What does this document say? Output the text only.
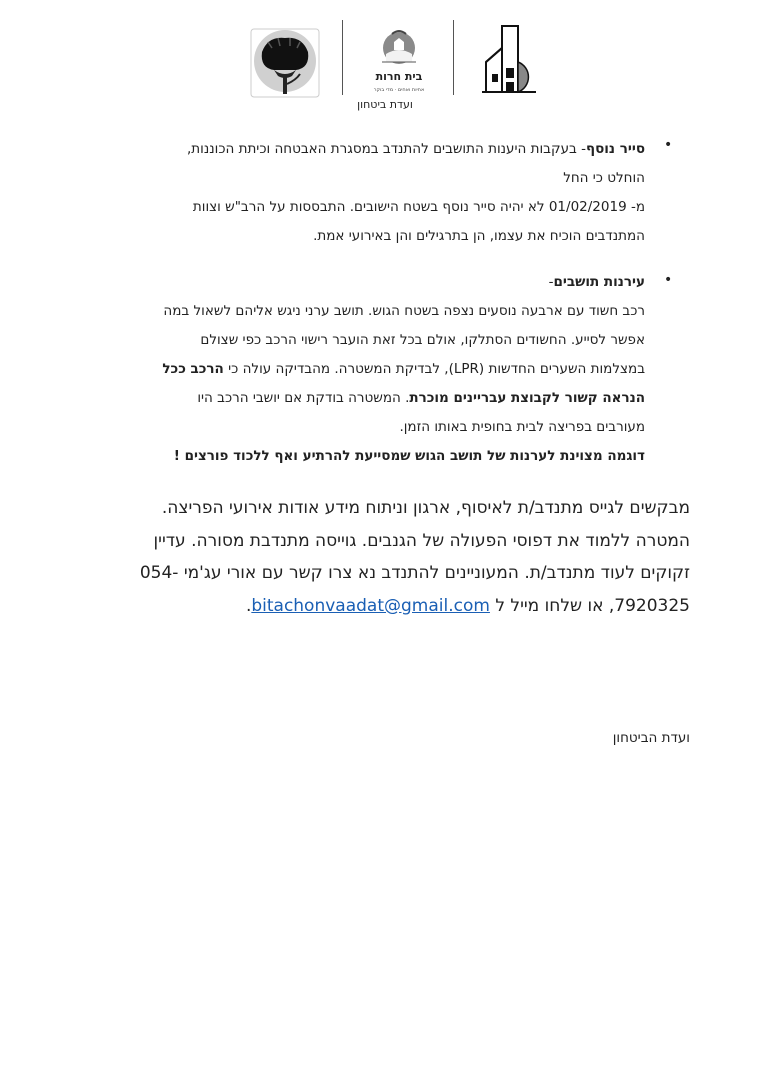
בית חרות
אחיות ואחים · מדי בוקר
ועדת ביטחון
•

סייר נוסף- בעקבות היענות התושבים להתנדב במסגרת האבטחה וכיתת הכוננות,

הוחלט כי החל

מ- 01/02/2019 לא יהיה סייר נוסף בשטח הישובים. התבססות על הרב"ש וצוות

המתנדבים הוכיח את עצמו, הן בתרגילים והן באירועי אמת.

•

עירנות תושבים-

רכב חשוד עם ארבעה נוסעים נצפה בשטח הגוש. תושב ערני ניגש אליהם לשאול במה

אפשר לסייע. החשודים הסתלקו, אולם בכל זאת הועבר רישוי הרכב כפי שצולם

במצלמות השערים החדשות (LPR), לבדיקת המשטרה. מהבדיקה עולה כי הרכב ככל

הנראה קשור לקבוצת עבריינים מוכרת. המשטרה בודקת אם יושבי הרכב היו

מעורבים בפריצה לבית בחופית באותו הזמן.

דוגמה מצוינת לערנות של תושב הגוש שמסייעת להרתיע ואף ללכוד פורצים !

מבקשים לגייס מתנדב/ת לאיסוף, ארגון וניתוח מידע אודות אירועי הפריצה.

המטרה ללמוד את דפוסי הפעולה של הגנבים. גוייסה מתנדבת מסורה. עדיין

זקוקים לעוד מתנדב/ת. המעוניינים להתנדב נא צרו קשר עם אורי עג'מי -054

7920325, או שלחו מייל ל bitachonvaadat@gmail.com.

ועדת הביטחון
